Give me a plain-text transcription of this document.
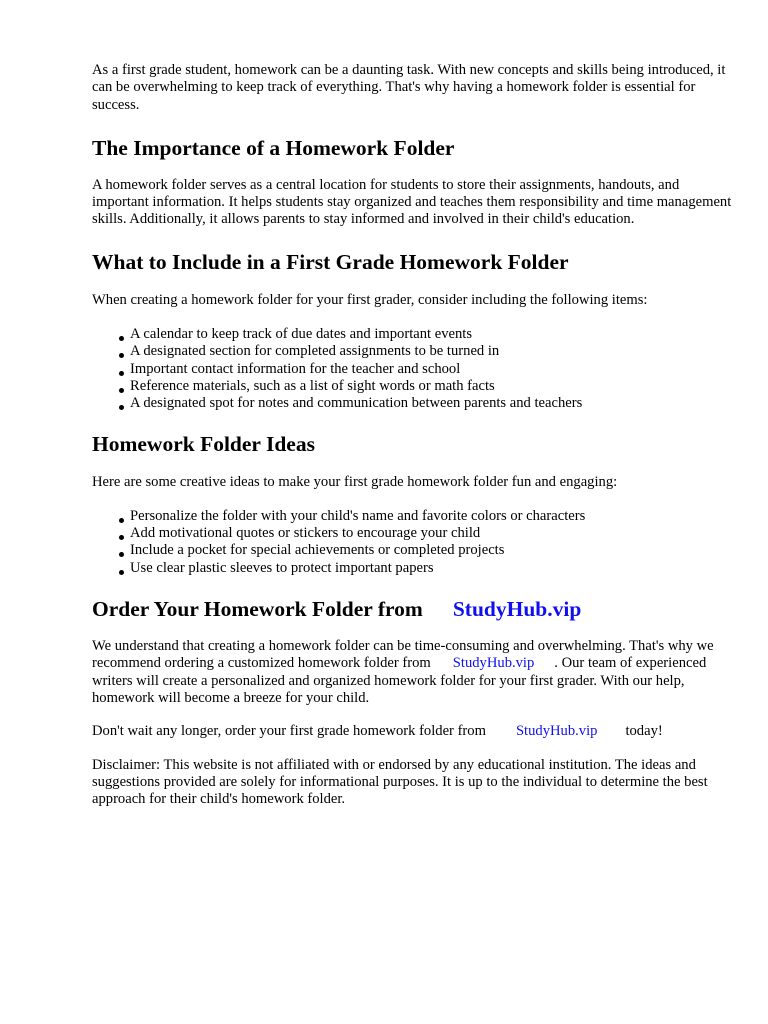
As a first grade student, homework can be a daunting task. With new concepts and skills being introduced, it can be overwhelming to keep track of everything. That's why having a homework folder is essential for success.

The Importance of a Homework Folder

A homework folder serves as a central location for students to store their assignments, handouts, and important information. It helps students stay organized and teaches them responsibility and time management skills. Additionally, it allows parents to stay informed and involved in their child's education.

What to Include in a First Grade Homework Folder

When creating a homework folder for your first grader, consider including the following items:

A calendar to keep track of due dates and important events
A designated section for completed assignments to be turned in
Important contact information for the teacher and school
Reference materials, such as a list of sight words or math facts
A designated spot for notes and communication between parents and teachers
Homework Folder Ideas

Here are some creative ideas to make your first grade homework folder fun and engaging:

Personalize the folder with your child's name and favorite colors or characters
Add motivational quotes or stickers to encourage your child
Include a pocket for special achievements or completed projects
Use clear plastic sleeves to protect important papers
Order Your Homework Folder from StudyHub.vip

We understand that creating a homework folder can be time-consuming and overwhelming. That's why we recommend ordering a customized homework folder from StudyHub.vip . Our team of experienced writers will create a personalized and organized homework folder for your first grader. With our help, homework will become a breeze for your child.

Don't wait any longer, order your first grade homework folder from StudyHub.vip today!

Disclaimer: This website is not affiliated with or endorsed by any educational institution. The ideas and suggestions provided are solely for informational purposes. It is up to the individual to determine the best approach for their child's homework folder.
